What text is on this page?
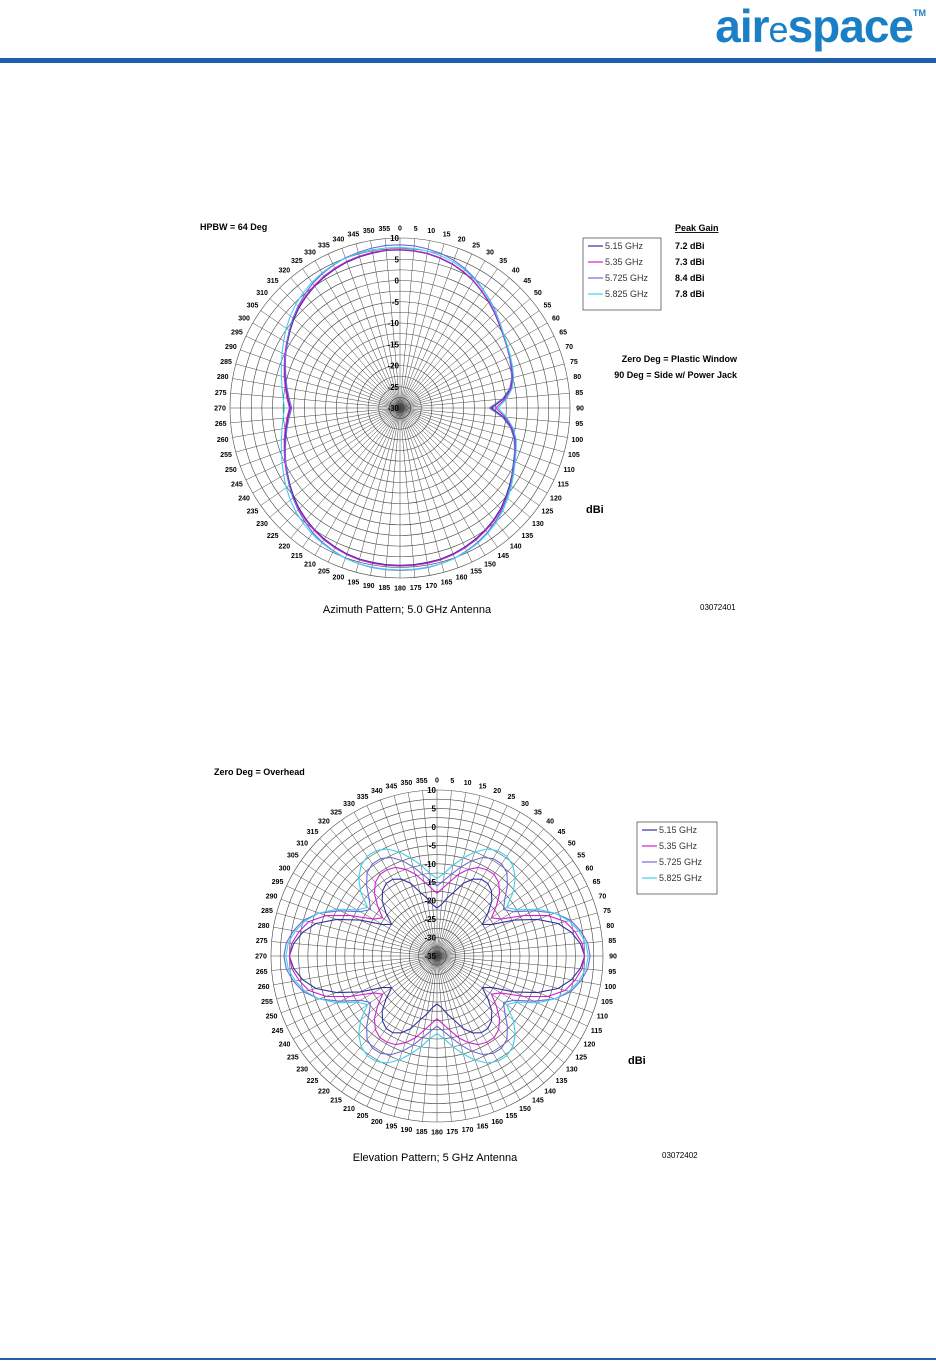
airespace TM
0 5 10 15
20
25
30
35
40
45
50
55
60
65
70
75
80
85
90
95
100
105
110
115
120
125
130
135
140
145
150
155
160
165
170
175
180
185
190
195
200
205
210
215
220
225
230
235
240
245
250
255
260
265
270
275
280
285
290
295
300
305
310
315
320
325
330
335
340
345 350 355
10
5
0
-5
-10
-15
-20
-25
-30
5.15 GHz	7.2 dBi
5.35 GHz	7.3 dBi
5.725 GHz	8.4 dBi
5.825 GHz	7.8 dBi
Peak Gain
Zero Deg = Plastic Window
90 Deg = Side w/ Power Jack
HPBW = 64 Deg
dBi
Azimuth Pattern; 5.0 GHz Antenna	03072401
0 5 10 15
20
25
30
35
40
45
50
55
60
65
70
75
80
85
90
95
100
105
110
115
120
125
130
135
140
145
150
155
160
165
170
175
180
185
190
195
200
205
210
215
220
225
230
235
240
245
250
255
260
265
270
275
280
285
290
295
300
305
310
315
320
325
330
335
340
345 350 355
10
5
0
-5
-10
-15
-20
-25
-30
-35
5.15 GHz
5.35 GHz
5.725 GHz
5.825 GHz
Zero Deg = Overhead
dBi
Elevation Pattern; 5 GHz Antenna	03072402
